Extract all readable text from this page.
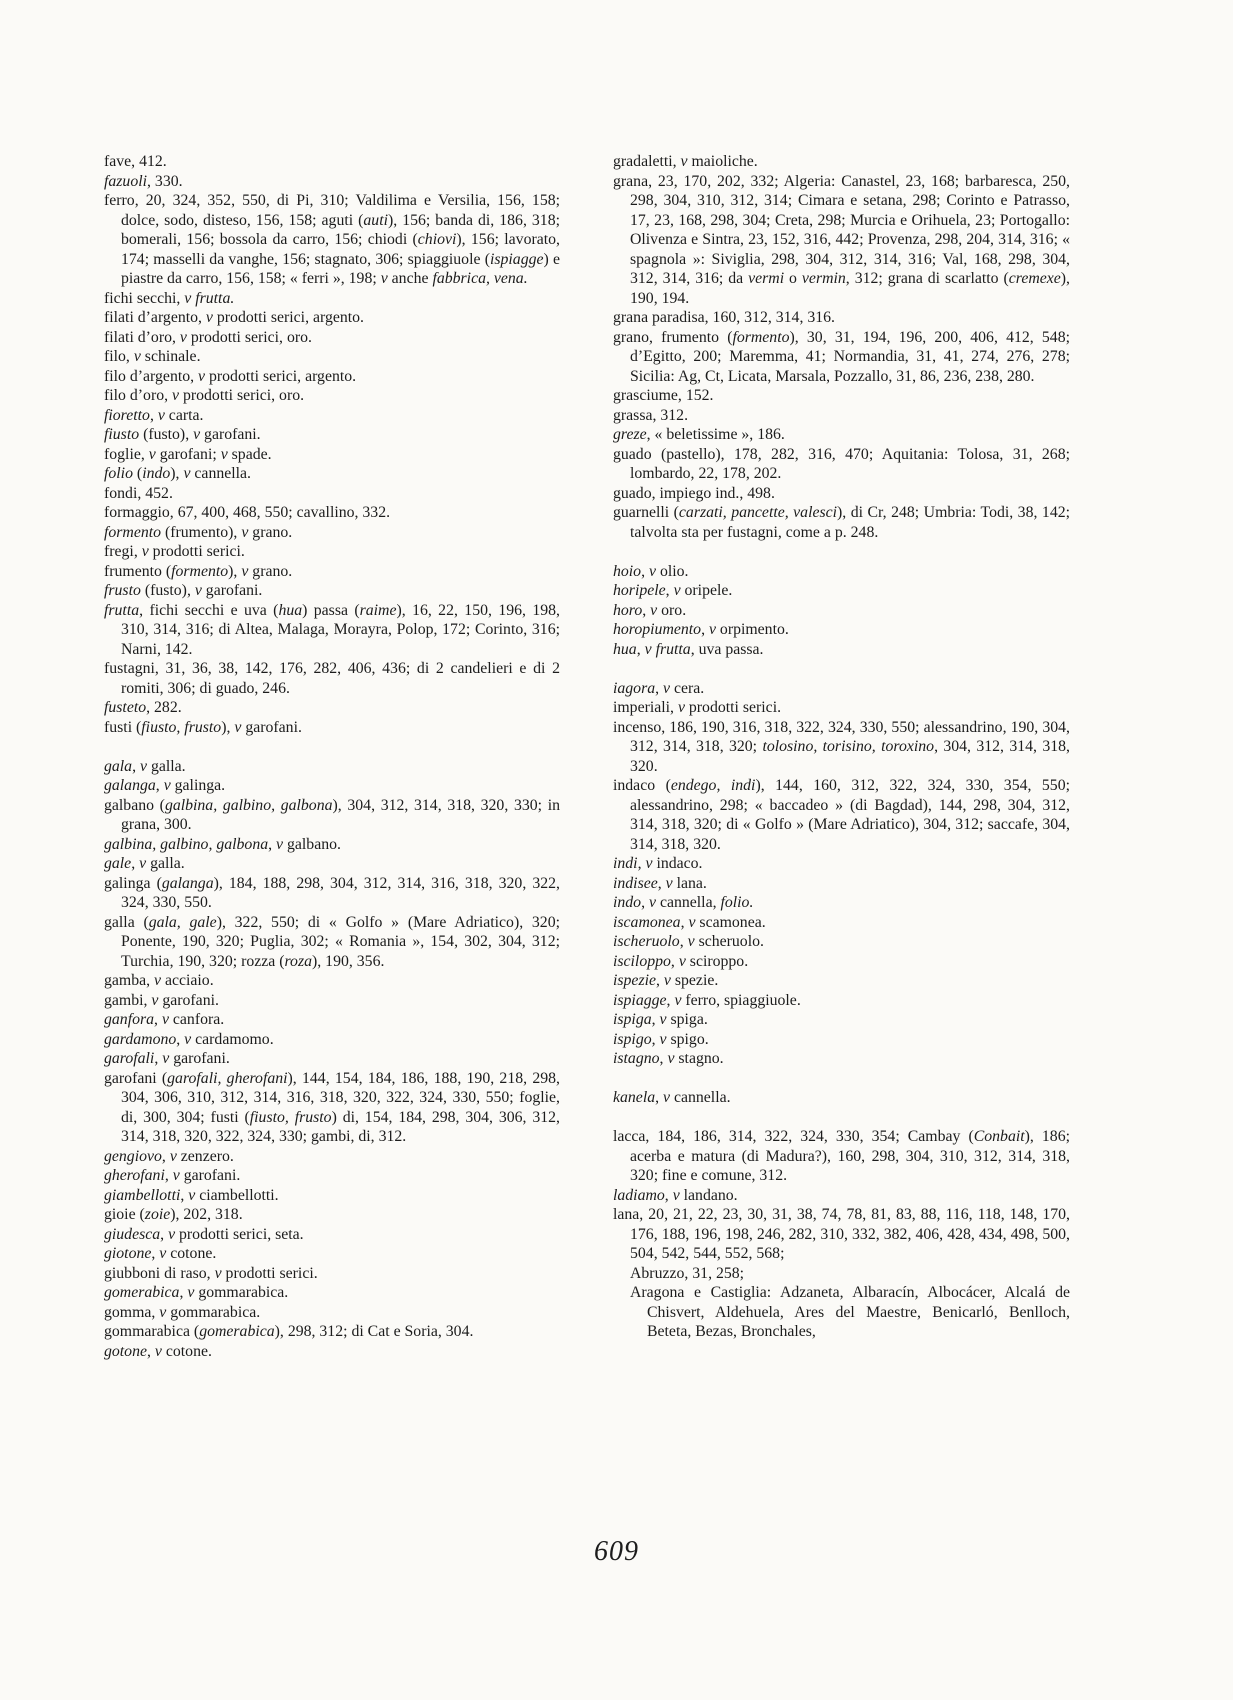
fave, 412.
fazuoli, 330.
ferro, 20, 324, 352, 550, di Pi, 310; Valdilima e Versilia, 156, 158; dolce, sodo, disteso, 156, 158; aguti (auti), 156; banda di, 186, 318; bomerali, 156; bossola da carro, 156; chiodi (chiovi), 156; lavorato, 174; masselli da vanghe, 156; stagnato, 306; spiaggiuole (ispiagge) e piastre da carro, 156, 158; « ferri », 198; v anche fabbrica, vena.
fichi secchi, v frutta.
filati d’argento, v prodotti serici, argento.
filati d’oro, v prodotti serici, oro.
filo, v schinale.
filo d’argento, v prodotti serici, argento.
filo d’oro, v prodotti serici, oro.
fioretto, v carta.
fiusto (fusto), v garofani.
foglie, v garofani; v spade.
folio (indo), v cannella.
fondi, 452.
formaggio, 67, 400, 468, 550; cavallino, 332.
formento (frumento), v grano.
fregi, v prodotti serici.
frumento (formento), v grano.
frusto (fusto), v garofani.
frutta, fichi secchi e uva (hua) passa (raime), 16, 22, 150, 196, 198, 310, 314, 316; di Altea, Malaga, Morayra, Polop, 172; Corinto, 316; Narni, 142.
fustagni, 31, 36, 38, 142, 176, 282, 406, 436; di 2 candelieri e di 2 romiti, 306; di guado, 246.
fusteto, 282.
fusti (fiusto, frusto), v garofani.
gala, v galla.
galanga, v galinga.
galbano (galbina, galbino, galbona), 304, 312, 314, 318, 320, 330; in grana, 300.
galbina, galbino, galbona, v galbano.
gale, v galla.
galinga (galanga), 184, 188, 298, 304, 312, 314, 316, 318, 320, 322, 324, 330, 550.
galla (gala, gale), 322, 550; di « Golfo » (Mare Adriatico), 320; Ponente, 190, 320; Puglia, 302; « Romania », 154, 302, 304, 312; Turchia, 190, 320; rozza (roza), 190, 356.
gamba, v acciaio.
gambi, v garofani.
ganfora, v canfora.
gardamono, v cardamomo.
garofali, v garofani.
garofani (garofali, gherofani), 144, 154, 184, 186, 188, 190, 218, 298, 304, 306, 310, 312, 314, 316, 318, 320, 322, 324, 330, 550; foglie, di, 300, 304; fusti (fiusto, frusto) di, 154, 184, 298, 304, 306, 312, 314, 318, 320, 322, 324, 330; gambi, di, 312.
gengiovo, v zenzero.
gherofani, v garofani.
giambellotti, v ciambellotti.
gioie (zoie), 202, 318.
giudesca, v prodotti serici, seta.
giotone, v cotone.
giubboni di raso, v prodotti serici.
gomerabica, v gommarabica.
gomma, v gommarabica.
gommarabica (gomerabica), 298, 312; di Cat e Soria, 304.
gotone, v cotone.
gradaletti, v maioliche.
grana, 23, 170, 202, 332; Algeria: Canastel, 23, 168; barbaresca, 250, 298, 304, 310, 312, 314; Cimara e setana, 298; Corinto e Patrasso, 17, 23, 168, 298, 304; Creta, 298; Murcia e Orihuela, 23; Portogallo: Olivenza e Sintra, 23, 152, 316, 442; Provenza, 298, 204, 314, 316; « spagnola »: Siviglia, 298, 304, 312, 314, 316; Val, 168, 298, 304, 312, 314, 316; da vermi o vermin, 312; grana di scarlatto (cremexe), 190, 194.
grana paradisa, 160, 312, 314, 316.
grano, frumento (formento), 30, 31, 194, 196, 200, 406, 412, 548; d’Egitto, 200; Maremma, 41; Normandia, 31, 41, 274, 276, 278; Sicilia: Ag, Ct, Licata, Marsala, Pozzallo, 31, 86, 236, 238, 280.
grasciume, 152.
grassa, 312.
greze, « beletissime », 186.
guado (pastello), 178, 282, 316, 470; Aquitania: Tolosa, 31, 268; lombardo, 22, 178, 202.
guado, impiego ind., 498.
guarnelli (carzati, pancette, valesci), di Cr, 248; Umbria: Todi, 38, 142; talvolta sta per fustagni, come a p. 248.
hoio, v olio.
horipele, v oripele.
horo, v oro.
horopiumento, v orpimento.
hua, v frutta, uva passa.
iagora, v cera.
imperiali, v prodotti serici.
incenso, 186, 190, 316, 318, 322, 324, 330, 550; alessandrino, 190, 304, 312, 314, 318, 320; tolosino, torisino, toroxino, 304, 312, 314, 318, 320.
indaco (endego, indi), 144, 160, 312, 322, 324, 330, 354, 550; alessandrino, 298; « baccadeo » (di Bagdad), 144, 298, 304, 312, 314, 318, 320; di « Golfo » (Mare Adriatico), 304, 312; saccafe, 304, 314, 318, 320.
indi, v indaco.
indisee, v lana.
indo, v cannella, folio.
iscamonea, v scamonea.
ischeruolo, v scheruolo.
isciloppo, v sciroppo.
ispezie, v spezie.
ispiagge, v ferro, spiaggiuole.
ispiga, v spiga.
ispigo, v spigo.
istagno, v stagno.
kanela, v cannella.
lacca, 184, 186, 314, 322, 324, 330, 354; Cambay (Conbait), 186; acerba e matura (di Madura?), 160, 298, 304, 310, 312, 314, 318, 320; fine e comune, 312.
ladiamo, v landano.
lana, 20, 21, 22, 23, 30, 31, 38, 74, 78, 81, 83, 88, 116, 118, 148, 170, 176, 188, 196, 198, 246, 282, 310, 332, 382, 406, 428, 434, 498, 500, 504, 542, 544, 552, 568;
Abruzzo, 31, 258;
Aragona e Castiglia: Adzaneta, Albaracín, Albocácer, Alcalá de Chisvert, Aldehuela, Ares del Maestre, Benicarló, Benlloch, Beteta, Bezas, Bronchales,
609
